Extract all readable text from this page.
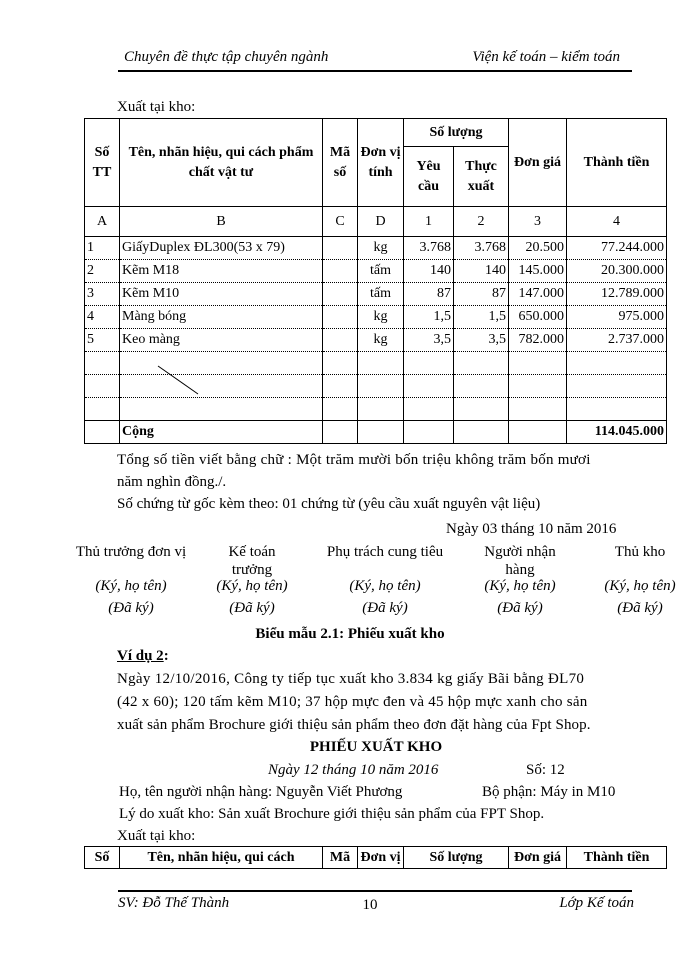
Chuyên đề thực tập chuyên ngành	Viện kế toán – kiểm toán
Xuất tại kho:
Số TT	Tên, nhãn hiệu, qui cách phẩm chất vật tư	Mã số	Đơn vị tính	Số lượng		Đơn giá	Thành tiền
				Yêu cầu	Thực xuất		
A	B	C	D	1	2	3	4
1	GiấyDuplex ĐL300(53 x 79)		kg	3.768	3.768	20.500	77.244.000
2	Kẽm M18		tấm	140	140	145.000	20.300.000
3	Kẽm M10		tấm	87	87	147.000	12.789.000
4	Màng bóng		kg	1,5	1,5	650.000	975.000
5	Keo màng		kg	3,5	3,5	782.000	2.737.000

	Cộng						114.045.000
Tổng số tiền viết bằng chữ : Một trăm mười bốn triệu không trăm bốn mươi
năm nghìn đồng./.
Số chứng từ gốc kèm theo: 01 chứng từ (yêu cầu xuất nguyên vật liệu)
Ngày 03 tháng 10 năm 2016
Thủ trưởng đơn vị
(Ký, họ tên)
(Đã ký)
Kế toán trưởng
(Ký, họ tên)
(Đã ký)
Phụ trách cung tiêu
(Ký, họ tên)
(Đã ký)
Người nhận hàng
(Ký, họ tên)
(Đã ký)
Thủ kho
(Ký, họ tên)
(Đã ký)
Biểu mẫu 2.1: Phiếu xuất kho
Ví dụ 2:
Ngày 12/10/2016, Công ty tiếp tục xuất kho 3.834 kg giấy Bãi bằng ĐL70
(42 x 60); 120 tấm kẽm M10; 37 hộp mực đen và 45 hộp mực xanh cho sản
xuất sản phẩm Brochure giới thiệu sản phẩm theo đơn đặt hàng của Fpt Shop.
PHIẾU XUẤT KHO
Ngày 12 tháng 10 năm 2016	Số: 12
Họ, tên người nhận hàng: Nguyễn Viết Phương	Bộ phận: Máy in M10
Lý do xuất kho: Sản xuất Brochure giới thiệu sản phẩm của FPT Shop.
Xuất tại kho:
Số	Tên, nhãn hiệu, qui cách	Mã	Đơn vị	Số lượng	Đơn giá	Thành tiền
SV: Đỗ Thế Thành	10	Lớp Kế toán
